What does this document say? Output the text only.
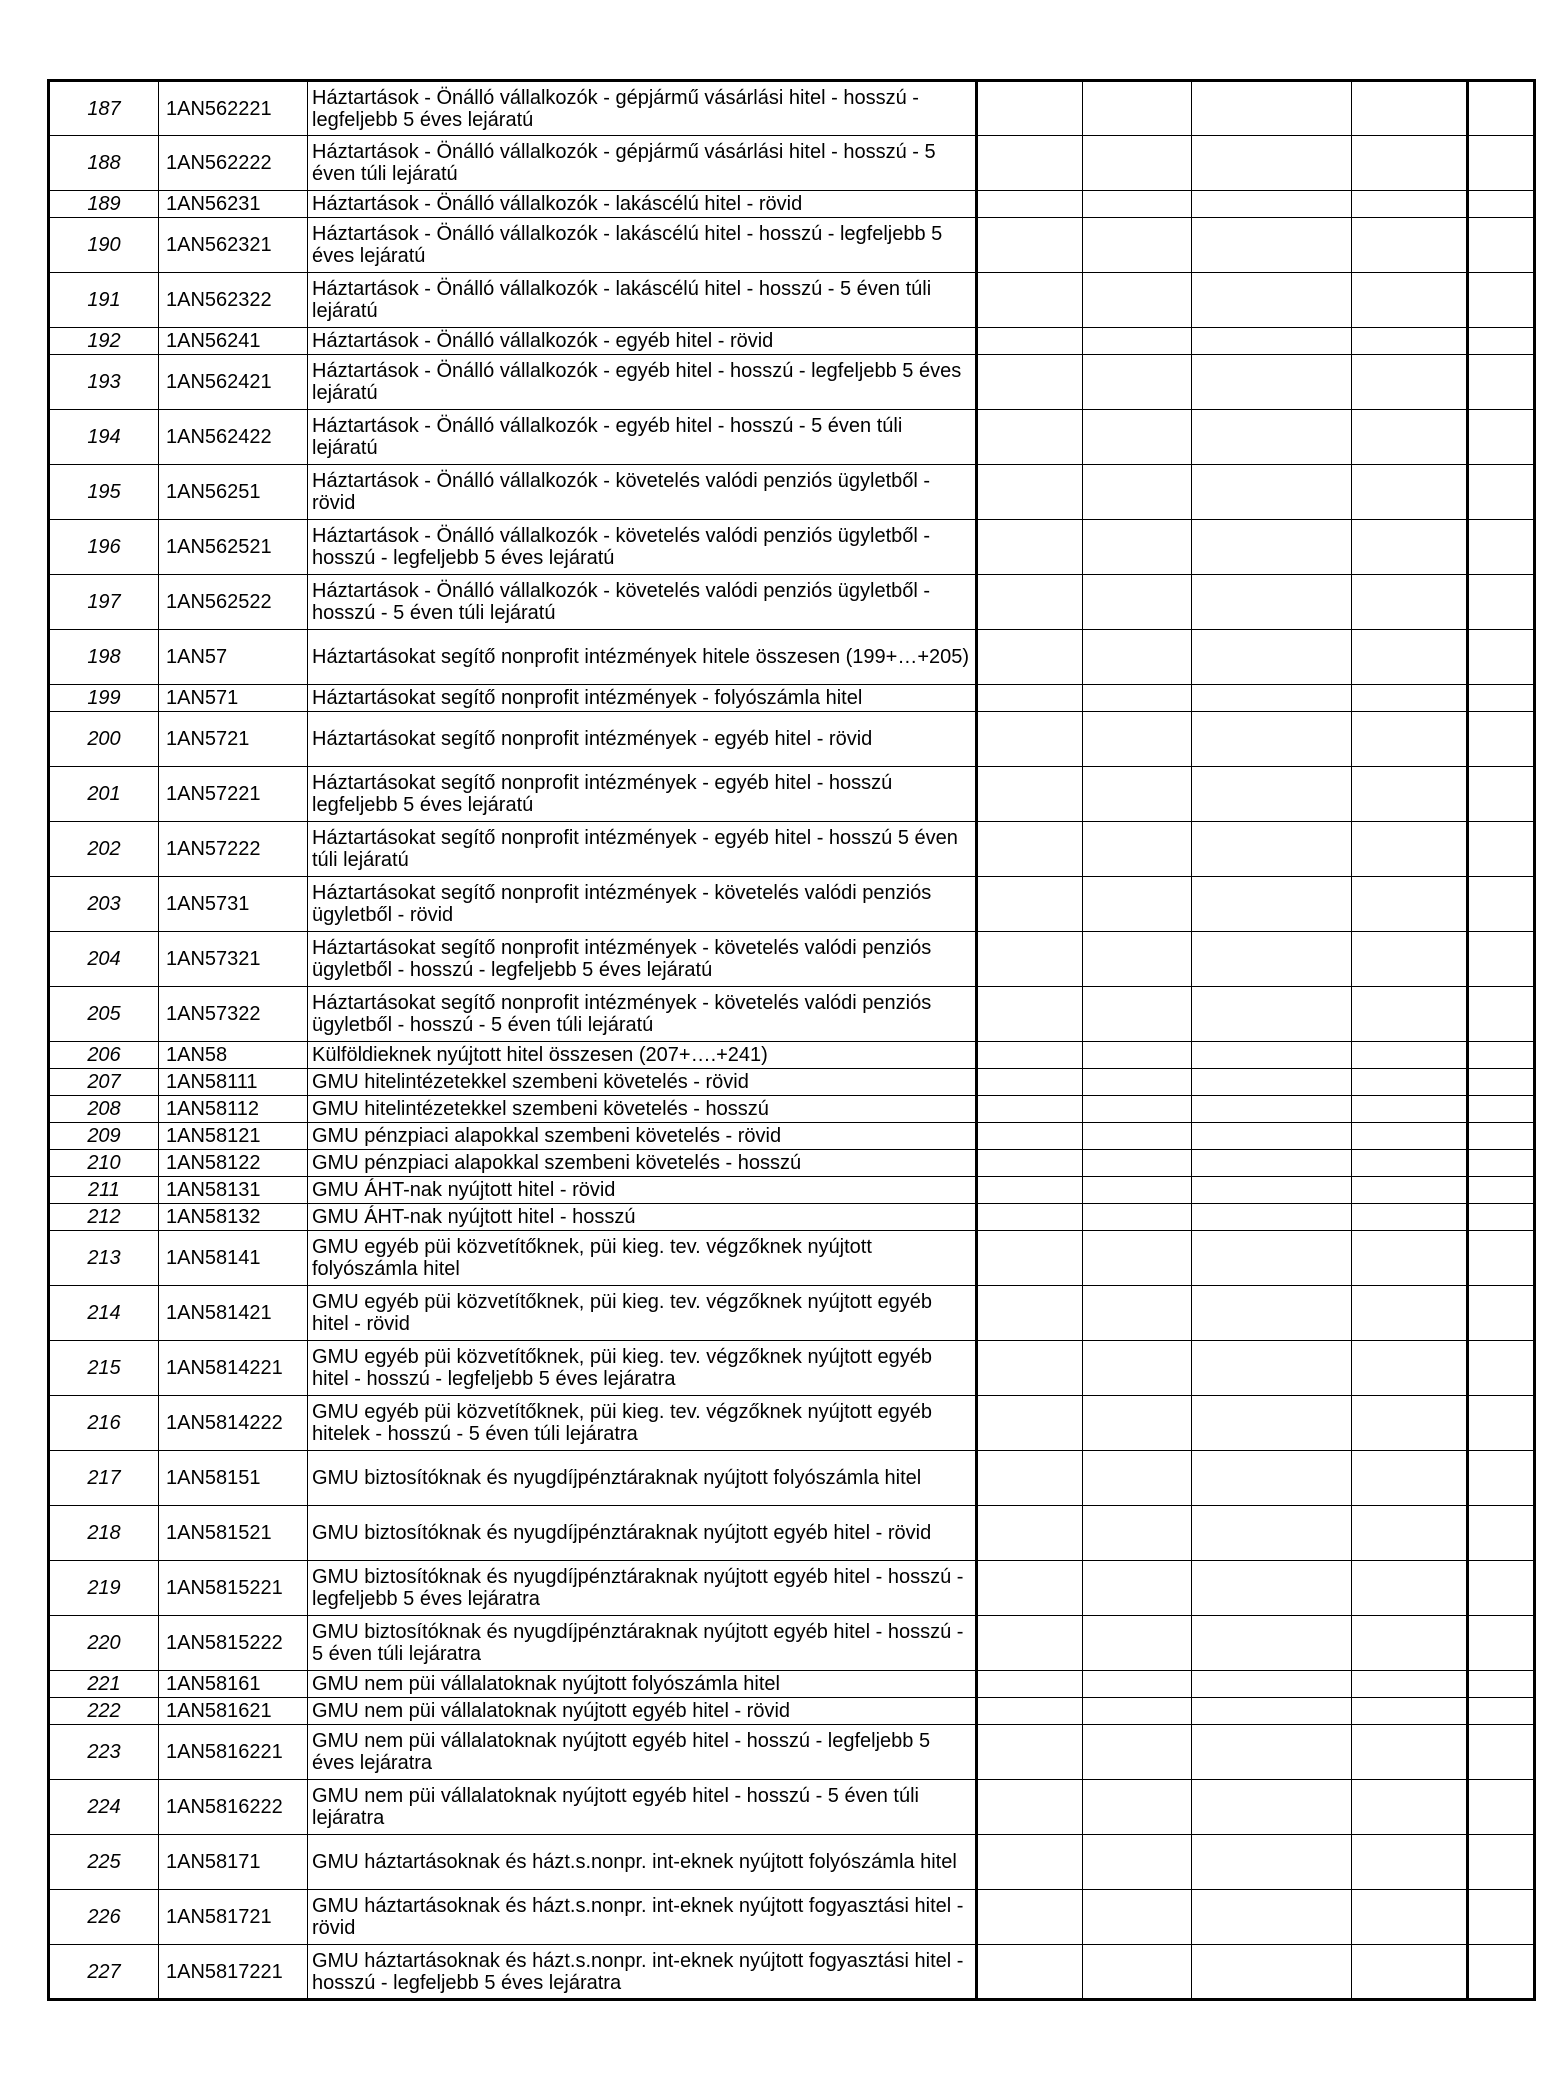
187	1AN562221	Háztartások - Önálló vállalkozók - gépjármű vásárlási hitel - hosszú - legfeljebb 5 éves lejáratú					
188	1AN562222	Háztartások - Önálló vállalkozók - gépjármű vásárlási hitel - hosszú - 5 éven túli lejáratú					
189	1AN56231	Háztartások - Önálló vállalkozók - lakáscélú hitel - rövid					
190	1AN562321	Háztartások - Önálló vállalkozók - lakáscélú hitel - hosszú - legfeljebb 5 éves lejáratú					
191	1AN562322	Háztartások - Önálló vállalkozók - lakáscélú hitel - hosszú - 5 éven túli lejáratú					
192	1AN56241	Háztartások - Önálló vállalkozók - egyéb hitel - rövid					
193	1AN562421	Háztartások - Önálló vállalkozók - egyéb hitel - hosszú - legfeljebb 5 éves lejáratú					
194	1AN562422	Háztartások - Önálló vállalkozók - egyéb hitel - hosszú - 5 éven túli lejáratú					
195	1AN56251	Háztartások - Önálló vállalkozók - követelés valódi penziós ügyletből - rövid					
196	1AN562521	Háztartások - Önálló vállalkozók - követelés valódi penziós ügyletből - hosszú - legfeljebb 5 éves lejáratú					
197	1AN562522	Háztartások - Önálló vállalkozók - követelés valódi penziós ügyletből - hosszú - 5 éven túli lejáratú					
198	1AN57	Háztartásokat segítő nonprofit intézmények hitele összesen (199+…+205)					
199	1AN571	Háztartásokat segítő nonprofit intézmények - folyószámla hitel					
200	1AN5721	Háztartásokat segítő nonprofit intézmények - egyéb hitel - rövid					
201	1AN57221	Háztartásokat segítő nonprofit intézmények - egyéb hitel - hosszú legfeljebb 5 éves lejáratú					
202	1AN57222	Háztartásokat segítő nonprofit intézmények - egyéb hitel - hosszú 5 éven túli lejáratú					
203	1AN5731	Háztartásokat segítő nonprofit intézmények - követelés valódi penziós ügyletből - rövid					
204	1AN57321	Háztartásokat segítő nonprofit intézmények - követelés valódi penziós ügyletből - hosszú - legfeljebb 5 éves lejáratú					
205	1AN57322	Háztartásokat segítő nonprofit intézmények - követelés valódi penziós ügyletből - hosszú - 5 éven túli lejáratú					
206	1AN58	Külföldieknek nyújtott hitel összesen (207+….+241)					
207	1AN58111	GMU hitelintézetekkel szembeni követelés - rövid					
208	1AN58112	GMU hitelintézetekkel szembeni követelés - hosszú					
209	1AN58121	GMU pénzpiaci alapokkal szembeni követelés - rövid					
210	1AN58122	GMU pénzpiaci alapokkal szembeni követelés - hosszú					
211	1AN58131	GMU ÁHT-nak nyújtott hitel - rövid					
212	1AN58132	GMU ÁHT-nak nyújtott hitel - hosszú					
213	1AN58141	GMU egyéb püi közvetítőknek, püi kieg. tev. végzőknek nyújtott folyószámla hitel					
214	1AN581421	GMU egyéb püi közvetítőknek, püi kieg. tev. végzőknek nyújtott egyéb hitel - rövid					
215	1AN5814221	GMU egyéb püi közvetítőknek, püi kieg. tev. végzőknek nyújtott egyéb hitel - hosszú - legfeljebb 5 éves lejáratra					
216	1AN5814222	GMU egyéb püi közvetítőknek, püi kieg. tev. végzőknek nyújtott egyéb hitelek - hosszú - 5 éven túli lejáratra					
217	1AN58151	GMU biztosítóknak és nyugdíjpénztáraknak nyújtott folyószámla hitel					
218	1AN581521	GMU biztosítóknak és nyugdíjpénztáraknak nyújtott egyéb hitel - rövid					
219	1AN5815221	GMU biztosítóknak és nyugdíjpénztáraknak nyújtott egyéb hitel - hosszú - legfeljebb 5 éves lejáratra					
220	1AN5815222	GMU biztosítóknak és nyugdíjpénztáraknak nyújtott egyéb hitel - hosszú - 5 éven túli lejáratra					
221	1AN58161	GMU nem püi vállalatoknak nyújtott folyószámla hitel					
222	1AN581621	GMU nem püi vállalatoknak nyújtott egyéb hitel - rövid					
223	1AN5816221	GMU nem püi vállalatoknak nyújtott egyéb hitel - hosszú - legfeljebb 5 éves lejáratra					
224	1AN5816222	GMU nem püi vállalatoknak nyújtott egyéb hitel - hosszú - 5 éven túli lejáratra					
225	1AN58171	GMU háztartásoknak és házt.s.nonpr. int-eknek nyújtott folyószámla hitel					
226	1AN581721	GMU háztartásoknak és házt.s.nonpr. int-eknek nyújtott fogyasztási hitel - rövid					
227	1AN5817221	GMU háztartásoknak és házt.s.nonpr. int-eknek nyújtott fogyasztási hitel - hosszú - legfeljebb 5 éves lejáratra					
